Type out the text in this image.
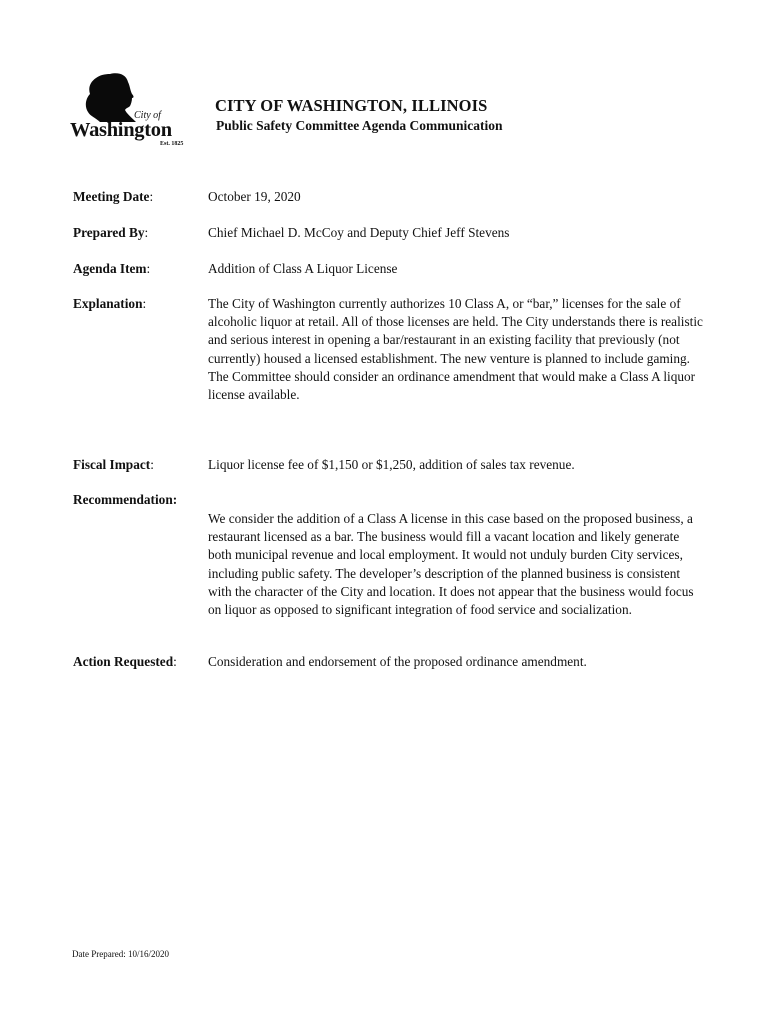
City of
Washington
Est. 1825
CITY OF WASHINGTON, ILLINOIS
Public Safety Committee Agenda Communication
Meeting Date:	October 19, 2020
Prepared By:	Chief Michael D. McCoy and Deputy Chief Jeff Stevens
Agenda Item:	Addition of Class A Liquor License
Explanation:	The City of Washington currently authorizes 10 Class A, or “bar,” licenses for the sale of alcoholic liquor at retail. All of those licenses are held. The City understands there is realistic and serious interest in opening a bar/restaurant in an existing facility that previously (not currently) housed a licensed establishment. The new venture is planned to include gaming. The Committee should consider an ordinance amendment that would make a Class A liquor license available.
Fiscal Impact:	Liquor license fee of $1,150 or $1,250, addition of sales tax revenue.
Recommendation:
We consider the addition of a Class A license in this case based on the proposed business, a restaurant licensed as a bar. The business would fill a vacant location and likely generate both municipal revenue and local employment. It would not unduly burden City services, including public safety. The developer’s description of the planned business is consistent with the character of the City and location. It does not appear that the business would focus on liquor as opposed to significant integration of food service and socialization.
Action Requested: Consideration and endorsement of the proposed ordinance amendment.
Date Prepared: 10/16/2020
